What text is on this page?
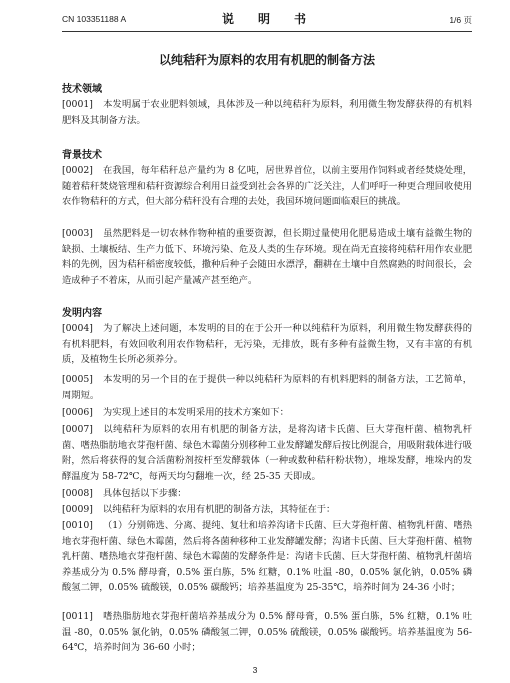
CN 103351188 A	说　明　书	1/6 页
以纯秸秆为原料的农用有机肥的制备方法
技术领域
[0001] 本发明属于农业肥料领域，具体涉及一种以纯秸秆为原料，利用微生物发酵获得的有机料肥料及其制备方法。
背景技术
[0002] 在我国，每年秸秆总产量约为 8 亿吨，居世界首位，以前主要用作饲料或者经焚烧处理，随着秸秆焚烧管理和秸秆资源综合利用日益受到社会各界的广泛关注，人们呼吁一种更合理回收使用农作物秸秆的方式，但大部分秸秆没有合理的去处，我国环境问题面临艰巨的挑战。
[0003] 虽然肥料是一切农林作物种植的重要资源，但长期过量使用化肥易造成土壤有益微生物的缺损、土壤板结、生产力低下、环境污染、危及人类的生存环境。现在尚无直接将纯秸秆用作农业肥料的先例，因为秸秆稻密度较低，撒种后种子会随田水漂浮，翻耕在土壤中自然腐熟的时间很长，会造成种子不着床，从而引起产量减产甚至绝产。
发明内容
[0004] 为了解决上述问题，本发明的目的在于公开一种以纯秸秆为原料，利用微生物发酵获得的有机料肥料，有效回收利用农作物秸秆，无污染，无排放，既有多种有益微生物，又有丰富的有机质，及植物生长所必须养分。
[0005] 本发明的另一个目的在于提供一种以纯秸秆为原料的有机料肥料的制备方法，工艺简单，周期短。
[0006] 为实现上述目的本发明采用的技术方案如下：
[0007] 以纯秸秆为原料的农用有机肥的制备方法，是将沟诸卡氏菌、巨大芽孢杆菌、植物乳杆菌、嗜热脂肪地衣芽孢杆菌、绿色木霉菌分别移种工业发酵罐发酵后按比例混合，用吸附载体进行吸附，然后将获得的复合活菌粉剂按杆至发酵载体（一种或数种秸秆粉状物），堆垛发酵，堆垛内的发酵温度为 58-72℃，每两天均匀翻堆一次，经 25-35 天即成。
[0008] 具体包括以下步骤：
[0009] 以纯秸秆为原料的农用有机肥的制备方法，其特征在于：
[0010] （1）分别筛选、分离、提纯、复壮和培养沟诸卡氏菌、巨大芽孢杆菌、植物乳杆菌、嗜热地衣芽孢杆菌、绿色木霉菌，然后将各菌种移种工业发酵罐发酵；沟诸卡氏菌、巨大芽孢杆菌、植物乳杆菌、嗜热地衣芽孢杆菌、绿色木霉菌的发酵条件是：沟诸卡氏菌、巨大芽孢杆菌、植物乳杆菌培养基成分为 0.5% 酵母膏，0.5% 蛋白胨，5% 红糖，0.1% 吐温 -80，0.05% 氯化钠，0.05% 磷酸氢二钾，0.05% 硫酸镁，0.05% 碳酸钙；培养基温度为 25-35℃，培养时间为 24-36 小时；
[0011] 嗜热脂肪地衣芽孢杆菌培养基成分为 0.5% 酵母膏，0.5% 蛋白胨，5% 红糖，0.1% 吐温 -80，0.05% 氯化钠，0.05% 磷酸氢二钾，0.05% 硫酸镁，0.05% 碳酸钙。培养基温度为 56-64℃，培养时间为 36-60 小时；
3
